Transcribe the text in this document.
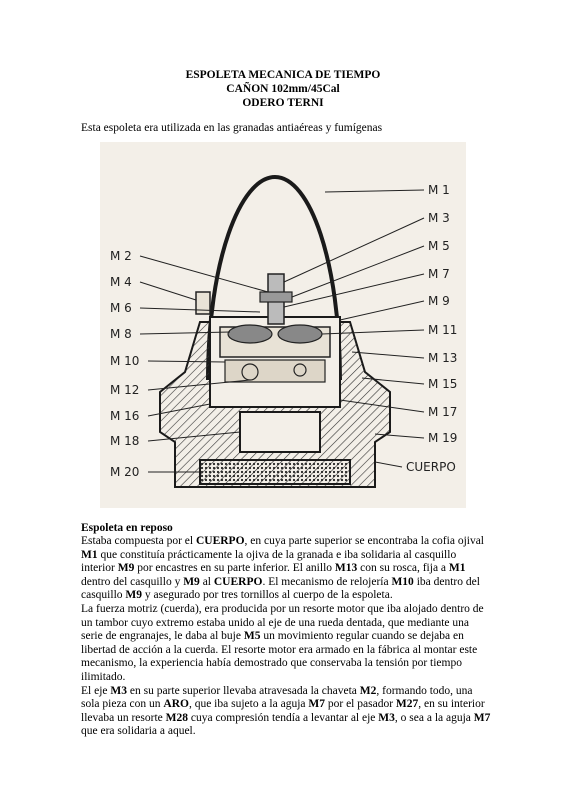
ESPOLETA MECANICA DE TIEMPO
CAÑON 102mm/45Cal
ODERO TERNI
Esta espoleta era utilizada en las granadas antiaéreas y fumígenas
M 2
M 4
M 6
M 8
M 10
M 12
M 16
M 18
M 20
M 1
M 3
M 5
M 7
M 9
M 11
M 13
M 15
M 17
M 19
CUERPO
Espoleta en reposo

Estaba compuesta por el CUERPO, en cuya parte superior se encontraba la cofia ojival M1 que constituía prácticamente la ojiva de la granada e iba solidaria al casquillo interior M9 por encastres en su parte inferior. El anillo M13 con su rosca, fija a M1 dentro del casquillo y M9 al CUERPO. El mecanismo de relojería M10 iba dentro del casquillo M9 y asegurado por tres tornillos al cuerpo de la espoleta.

La fuerza motriz (cuerda), era producida por un resorte motor que iba alojado dentro de un tambor cuyo extremo estaba unido al eje de una rueda dentada, que mediante una serie de engranajes, le daba al buje M5 un movimiento regular cuando se dejaba en libertad de acción a la cuerda. El resorte motor era armado en la fábrica al montar este mecanismo, la experiencia había demostrado que conservaba la tensión por tiempo ilimitado.

El eje M3 en su parte superior llevaba atravesada la chaveta M2, formando todo, una sola pieza con un ARO, que iba sujeto a la aguja M7 por el pasador M27, en su interior llevaba un resorte M28 cuya compresión tendía a levantar al eje M3, o sea a la aguja M7 que era solidaria a aquel.
